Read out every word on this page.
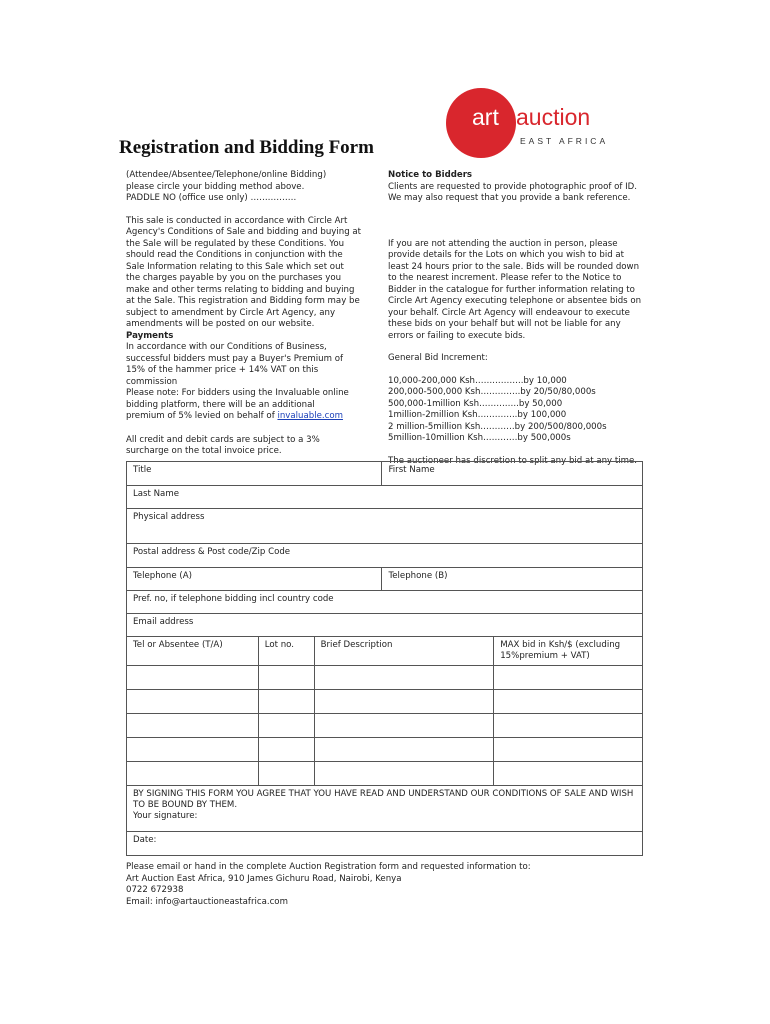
art auction
EAST AFRICA
Registration and Bidding Form

(Attendee/Absentee/Telephone/online Bidding)

please circle your bidding method above.

PADDLE NO (office use only) …………….

This sale is conducted in accordance with Circle Art

Agency's Conditions of Sale and bidding and buying at

the Sale will be regulated by these Conditions. You

should read the Conditions in conjunction with the

Sale Information relating to this Sale which set out

the charges payable by you on the purchases you

make and other terms relating to bidding and buying

at the Sale. This registration and Bidding form may be

subject to amendment by Circle Art Agency, any

amendments will be posted on our website.

Payments

In accordance with our Conditions of Business,

successful bidders must pay a Buyer's Premium of

15% of the hammer price + 14% VAT on this

commission

Please note: For bidders using the Invaluable online

bidding platform, there will be an additional

premium of 5% levied on behalf of invaluable.com

All credit and debit cards are subject to a 3%

surcharge on the total invoice price.

Notice to Bidders

Clients are requested to provide photographic proof of ID.

We may also request that you provide a bank reference.

If you are not attending the auction in person, please

provide details for the Lots on which you wish to bid at

least 24 hours prior to the sale. Bids will be rounded down

to the nearest increment. Please refer to the Notice to

Bidder in the catalogue for further information relating to

Circle Art Agency executing telephone or absentee bids on

your behalf. Circle Art Agency will endeavour to execute

these bids on your behalf but will not be liable for any

errors or failing to execute bids.

General Bid Increment:

10,000-200,000 Ksh……………..by 10,000

200,000-500,000 Ksh…………..by 20/50/80,000s

500,000-1million Ksh…………..by 50,000

1million-2million Ksh…………..by 100,000

2 million-5million Ksh…………by 200/500/800,000s

5million-10million Ksh…………by 500,000s

The auctioneer has discretion to split any bid at any time.

Title			First Name	
Last Name				
Physical address				
Postal address & Post code/Zip Code				
Telephone (A)			Telephone (B)	
Pref. no, if telephone bidding incl country code				
Email address				
Tel or Absentee (T/A)	Lot no.	Brief Description		MAX bid in Ksh/$ (excluding 15%premium + VAT)

BY SIGNING THIS FORM YOU AGREE THAT YOU HAVE READ AND UNDERSTAND OUR CONDITIONS OF SALE AND WISH TO BE BOUND BY THEM.
Your signature:				

Date:				

Please email or hand in the complete Auction Registration form and requested information to:

Art Auction East Africa, 910 James Gichuru Road, Nairobi, Kenya

0722 672938

Email: info@artauctioneastafrica.com
